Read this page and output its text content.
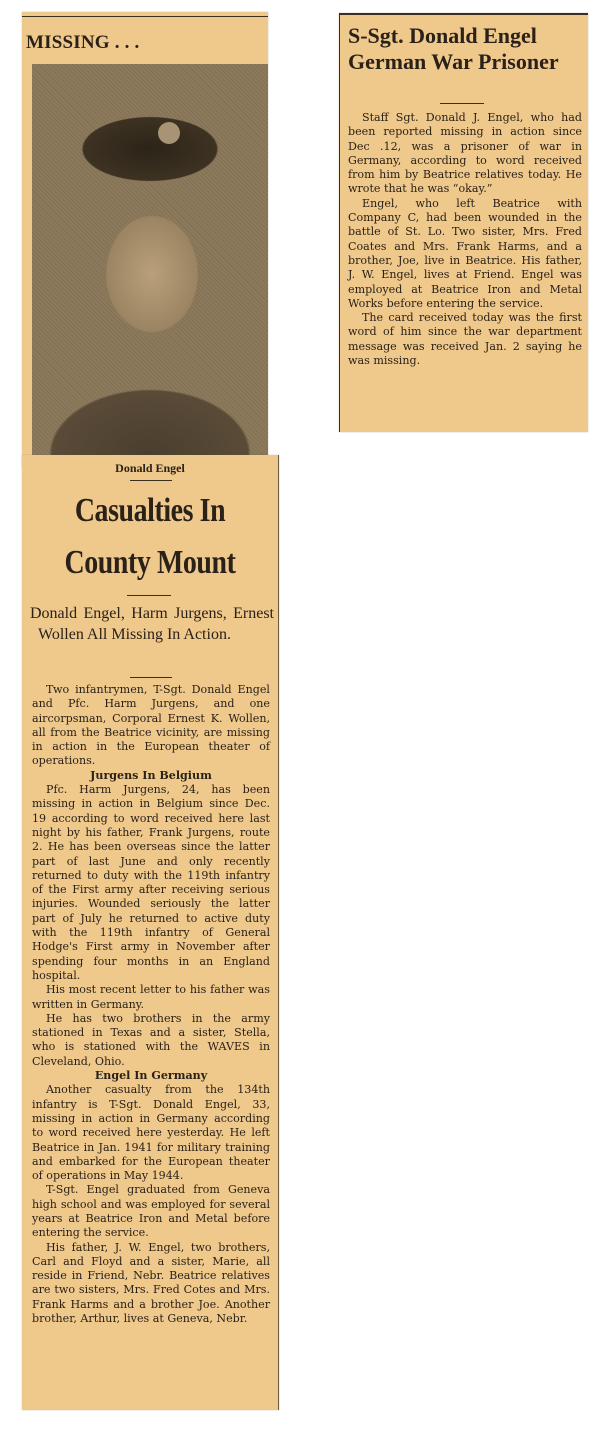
MISSING . . .
Donald Engel
Casualties In
County Mount

Donald Engel, Harm Jurgens, Ernest Wollen All Missing In Action.

Two infantrymen, T-Sgt. Donald Engel and Pfc. Harm Jurgens, and one aircorpsman, Corporal Ernest K. Wollen, all from the Beatrice vicinity, are missing in action in the European theater of operations.

Jurgens In Belgium

Pfc. Harm Jurgens, 24, has been missing in action in Belgium since Dec. 19 according to word received here last night by his father, Frank Jurgens, route 2. He has been overseas since the latter part of last June and only recently returned to duty with the 119th infantry of the First army after receiving serious injuries. Wounded seriously the latter part of July he returned to active duty with the 119th infantry of General Hodge's First army in November after spending four months in an England hospital.

His most recent letter to his father was written in Germany.

He has two brothers in the army stationed in Texas and a sister, Stella, who is stationed with the WAVES in Cleveland, Ohio.

Engel In Germany

Another casualty from the 134th infantry is T-Sgt. Donald Engel, 33, missing in action in Germany according to word received here yesterday. He left Beatrice in Jan. 1941 for military training and embarked for the European theater of operations in May 1944.

T-Sgt. Engel graduated from Geneva high school and was employed for several years at Beatrice Iron and Metal before entering the service.

His father, J. W. Engel, two brothers, Carl and Floyd and a sister, Marie, all reside in Friend, Nebr. Beatrice relatives are two sisters, Mrs. Fred Cotes and Mrs. Frank Harms and a brother Joe. Another brother, Arthur, lives at Geneva, Nebr.

S-Sgt. Donald Engel German War Prisoner

Staff Sgt. Donald J. Engel, who had been reported missing in action since Dec .12, was a prisoner of war in Germany, according to word received from him by Beatrice relatives today. He wrote that he was “okay.”

Engel, who left Beatrice with Company C, had been wounded in the battle of St. Lo. Two sister, Mrs. Fred Coates and Mrs. Frank Harms, and a brother, Joe, live in Beatrice. His father, J. W. Engel, lives at Friend. Engel was employed at Beatrice Iron and Metal Works before entering the service.

The card received today was the first word of him since the war department message was received Jan. 2 saying he was missing.
